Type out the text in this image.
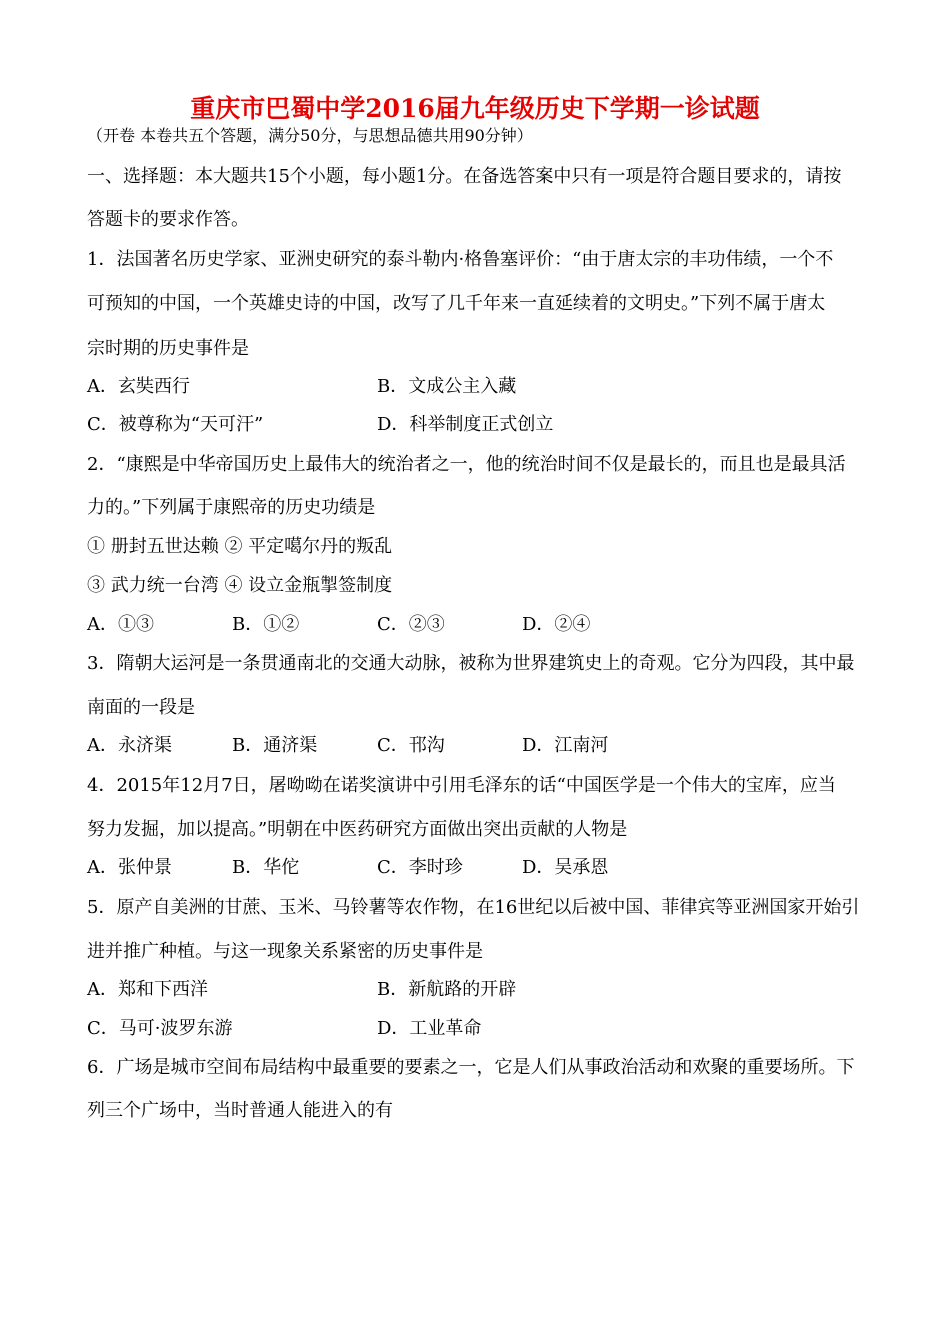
重庆市巴蜀中学2016届九年级历史下学期一诊试题
（开卷 本卷共五个答题，满分50分，与思想品德共用90分钟）
一、选择题：本大题共15个小题，每小题1分。在备选答案中只有一项是符合题目要求的，请按
答题卡的要求作答。
1．法国著名历史学家、亚洲史研究的泰斗勒内·格鲁塞评价：“由于唐太宗的丰功伟绩，一个不
可预知的中国，一个英雄史诗的中国，改写了几千年来一直延续着的文明史。”下列不属于唐太
宗时期的历史事件是
A．玄奘西行	B．文成公主入藏
C．被尊称为“天可汗”	D．科举制度正式创立
2．“康熙是中华帝国历史上最伟大的统治者之一，他的统治时间不仅是最长的，而且也是最具活
力的。”下列属于康熙帝的历史功绩是
① 册封五世达赖 ② 平定噶尔丹的叛乱
③ 武力统一台湾 ④ 设立金瓶掣签制度
A．①③	B．①②	C．②③	D．②④
3．隋朝大运河是一条贯通南北的交通大动脉，被称为世界建筑史上的奇观。它分为四段，其中最
南面的一段是
A．永济渠	B．通济渠	C．邗沟	D．江南河
4．2015年12月7日，屠呦呦在诺奖演讲中引用毛泽东的话“中国医学是一个伟大的宝库，应当
努力发掘，加以提高。”明朝在中医药研究方面做出突出贡献的人物是
A．张仲景	B．华佗	C．李时珍	D．吴承恩
5．原产自美洲的甘蔗、玉米、马铃薯等农作物，在16世纪以后被中国、菲律宾等亚洲国家开始引
进并推广种植。与这一现象关系紧密的历史事件是
A．郑和下西洋	B．新航路的开辟
C．马可·波罗东游	D．工业革命
6．广场是城市空间布局结构中最重要的要素之一，它是人们从事政治活动和欢聚的重要场所。下
列三个广场中，当时普通人能进入的有
